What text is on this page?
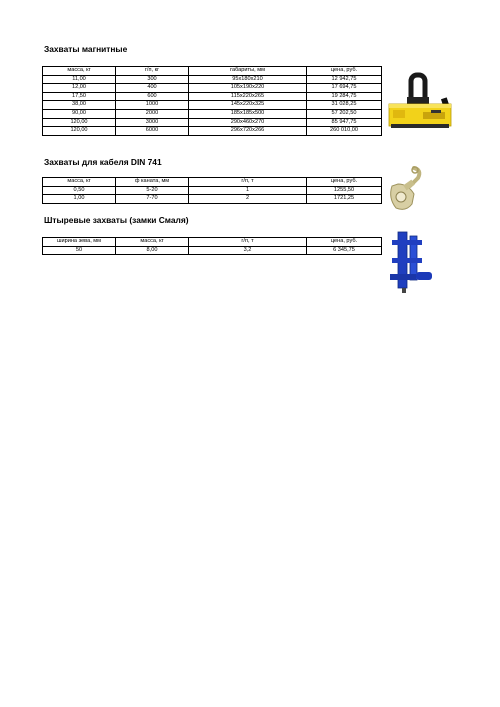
Захваты магнитные
масса, кг	г/п, кг	габариты, мм	цена, руб.
11,00	300	95х180х210	12 942,75
12,00	400	105х190х220	17 694,75
17,50	600	115х220х265	19 284,75
38,00	1000	145х220х325	31 028,25
90,00	2000	185х185х500	57 202,50
120,00	3000	290х460х270	85 947,75
120,00	6000	296х720х266	260 010,00
Захваты для кабеля DIN 741
масса, кг	ф каната, мм	г/п, т	цена, руб.
0,50	5-20	1	1255,50
1,00	7-70	2	1721,25
Штыревые захваты (замки Смаля)
ширина зева, мм	масса, кг	г/п, т	цена, руб.
50	8,00	3,2	6 345,75
